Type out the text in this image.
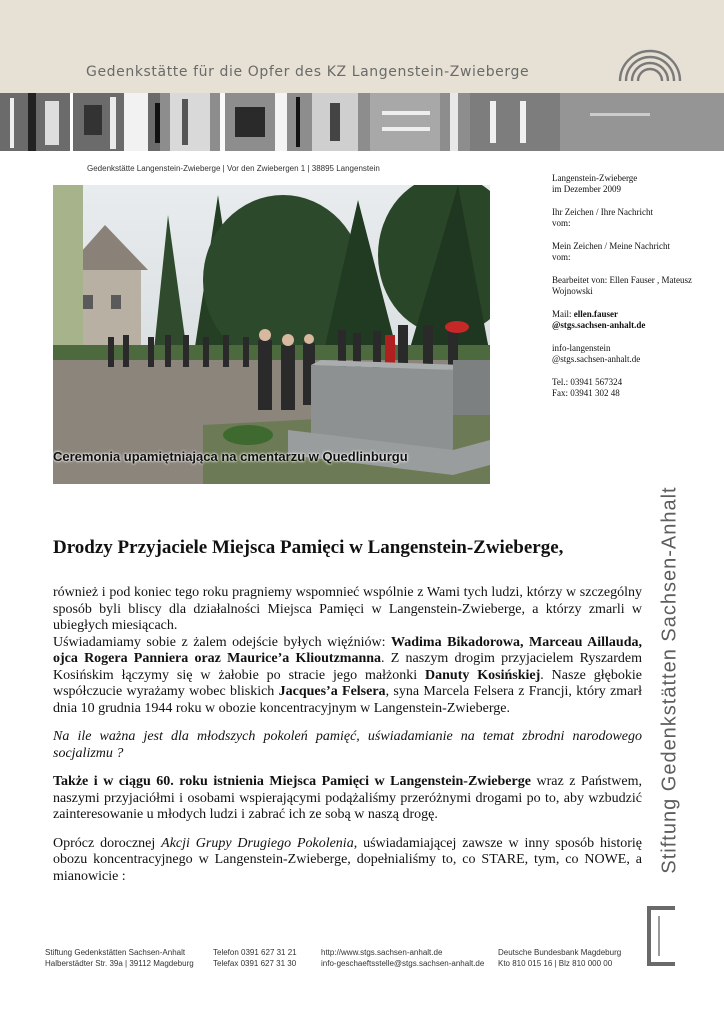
Gedenkstätte für die Opfer des KZ Langenstein-Zwieberge
Gedenkstätte Langenstein-Zwieberge | Vor den Zwiebergen 1 | 38895 Langenstein
Ceremonia upamiętniająca na cmentarzu w Quedlinburgu

Langenstein-Zwieberge
im Dezember 2009

Ihr Zeichen / Ihre Nachricht
vom:

Mein Zeichen / Meine Nachricht
vom:

Bearbeitet von: Ellen Fauser , Mateusz
Wojnowski

Mail: ellen.fauser
@stgs.sachsen-anhalt.de

info-langenstein
@stgs.sachsen-anhalt.de

Tel.: 03941 567324
Fax: 03941 302 48

Stiftung Gedenkstätten Sachsen-Anhalt
Drodzy Przyjaciele Miejsca Pamięci w Langenstein-Zwieberge,

również i pod koniec tego roku pragniemy wspomnieć wspólnie z Wami tych ludzi, którzy w szczególny sposób byli bliscy dla działalności Miejsca Pamięci w Langenstein-Zwieberge, a którzy zmarli w ubiegłych miesiącach.

Uświadamiamy sobie z żalem odejście byłych więźniów: Wadima Bikadorowa, Marceau Aillauda, ojca Rogera Panniera oraz Maurice’a Klioutzmanna. Z naszym drogim przyjacielem Ryszardem Kosińskim łączymy się w żałobie po stracie jego małżonki Danuty Kosińskiej. Nasze głębokie współczucie wyrażamy wobec bliskich Jacques’a Felsera, syna Marcela Felsera z Francji, który zmarł dnia 10 grudnia 1944 roku w obozie koncentracyjnym w Langenstein-Zwieberge.

Na ile ważna jest dla młodszych pokoleń pamięć, uświadamianie na temat zbrodni narodowego socjalizmu ?

Także i w ciągu 60. roku istnienia Miejsca Pamięci w Langenstein-Zwieberge wraz z Państwem, naszymi przyjaciółmi i osobami wspierającymi podążaliśmy przeróżnymi drogami po to, aby wzbudzić zainteresowanie u młodych ludzi i zabrać ich ze sobą w naszą drogę.

Oprócz dorocznej Akcji Grupy Drugiego Pokolenia, uświadamiającej zawsze w inny sposób historię obozu koncentracyjnego w Langenstein-Zwieberge, dopełnialiśmy to, co STARE, tym, co NOWE, a mianowicie :

Stiftung Gedenkstätten Sachsen-Anhalt
Halberstädter Str. 39a | 39112 Magdeburg
Telefon 0391 627 31 21
Telefax 0391 627 31 30
http://www.stgs.sachsen-anhalt.de
info-geschaeftsstelle@stgs.sachsen-anhalt.de
Deutsche Bundesbank Magdeburg
Kto 810 015 16 | Blz 810 000 00
